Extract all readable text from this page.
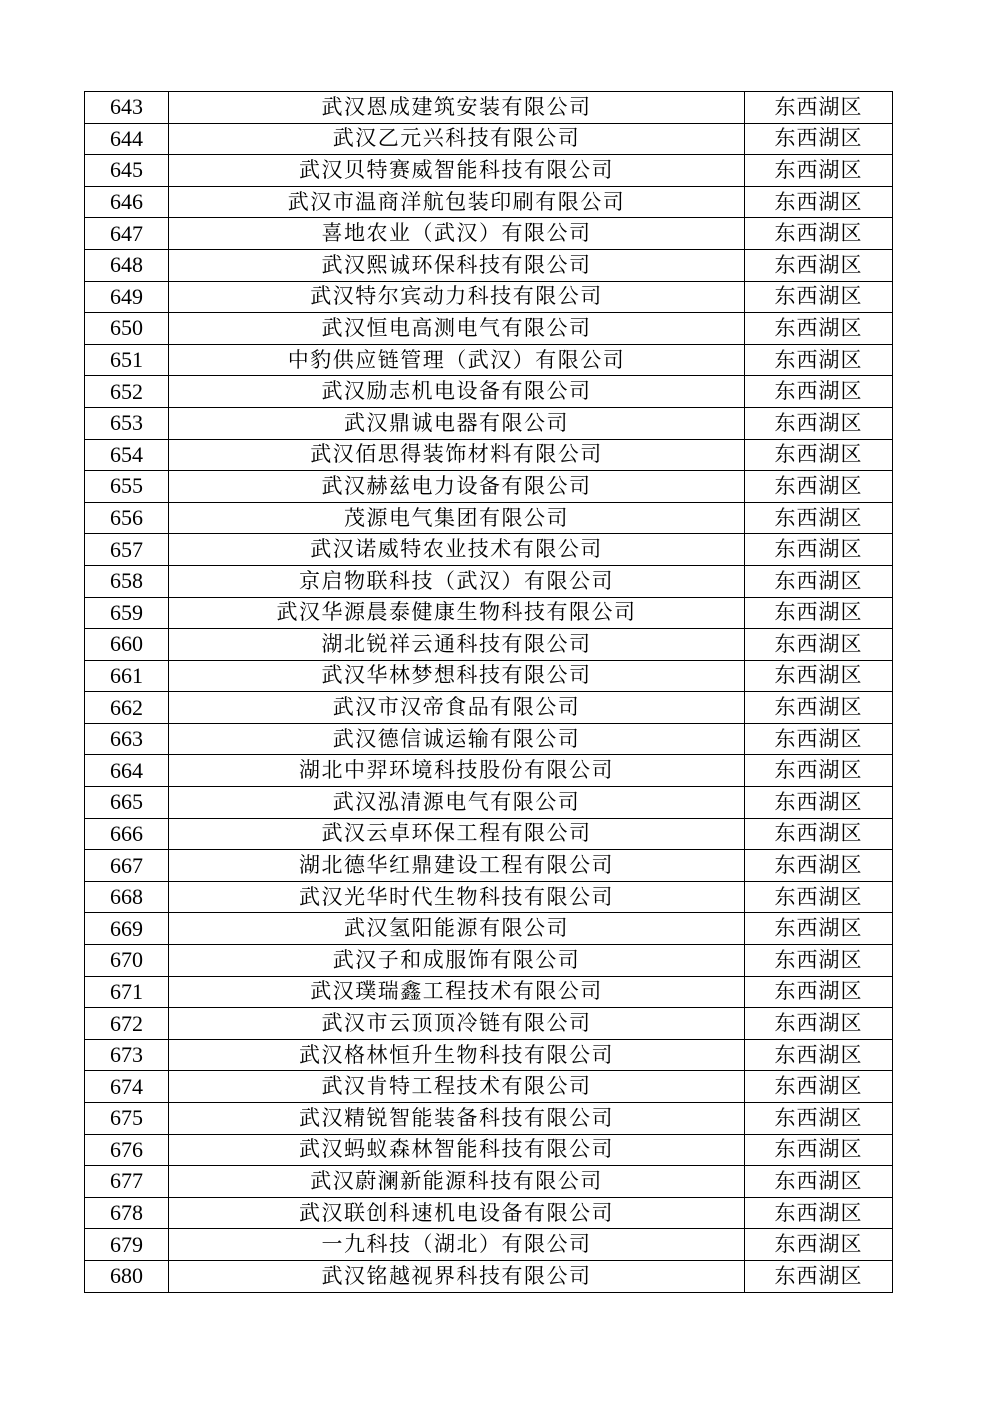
643	武汉恩成建筑安装有限公司	东西湖区
644	武汉乙元兴科技有限公司	东西湖区
645	武汉贝特赛威智能科技有限公司	东西湖区
646	武汉市温商洋航包装印刷有限公司	东西湖区
647	喜地农业（武汉）有限公司	东西湖区
648	武汉熙诚环保科技有限公司	东西湖区
649	武汉特尔宾动力科技有限公司	东西湖区
650	武汉恒电高测电气有限公司	东西湖区
651	中豹供应链管理（武汉）有限公司	东西湖区
652	武汉励志机电设备有限公司	东西湖区
653	武汉鼎诚电器有限公司	东西湖区
654	武汉佰思得装饰材料有限公司	东西湖区
655	武汉赫兹电力设备有限公司	东西湖区
656	茂源电气集团有限公司	东西湖区
657	武汉诺威特农业技术有限公司	东西湖区
658	京启物联科技（武汉）有限公司	东西湖区
659	武汉华源晨泰健康生物科技有限公司	东西湖区
660	湖北锐祥云通科技有限公司	东西湖区
661	武汉华林梦想科技有限公司	东西湖区
662	武汉市汉帝食品有限公司	东西湖区
663	武汉德信诚运输有限公司	东西湖区
664	湖北中羿环境科技股份有限公司	东西湖区
665	武汉泓清源电气有限公司	东西湖区
666	武汉云卓环保工程有限公司	东西湖区
667	湖北德华红鼎建设工程有限公司	东西湖区
668	武汉光华时代生物科技有限公司	东西湖区
669	武汉氢阳能源有限公司	东西湖区
670	武汉子和成服饰有限公司	东西湖区
671	武汉璞瑞鑫工程技术有限公司	东西湖区
672	武汉市云顶顶冷链有限公司	东西湖区
673	武汉格林恒升生物科技有限公司	东西湖区
674	武汉肯特工程技术有限公司	东西湖区
675	武汉精锐智能装备科技有限公司	东西湖区
676	武汉蚂蚁森林智能科技有限公司	东西湖区
677	武汉蔚澜新能源科技有限公司	东西湖区
678	武汉联创科速机电设备有限公司	东西湖区
679	一九科技（湖北）有限公司	东西湖区
680	武汉铭越视界科技有限公司	东西湖区
